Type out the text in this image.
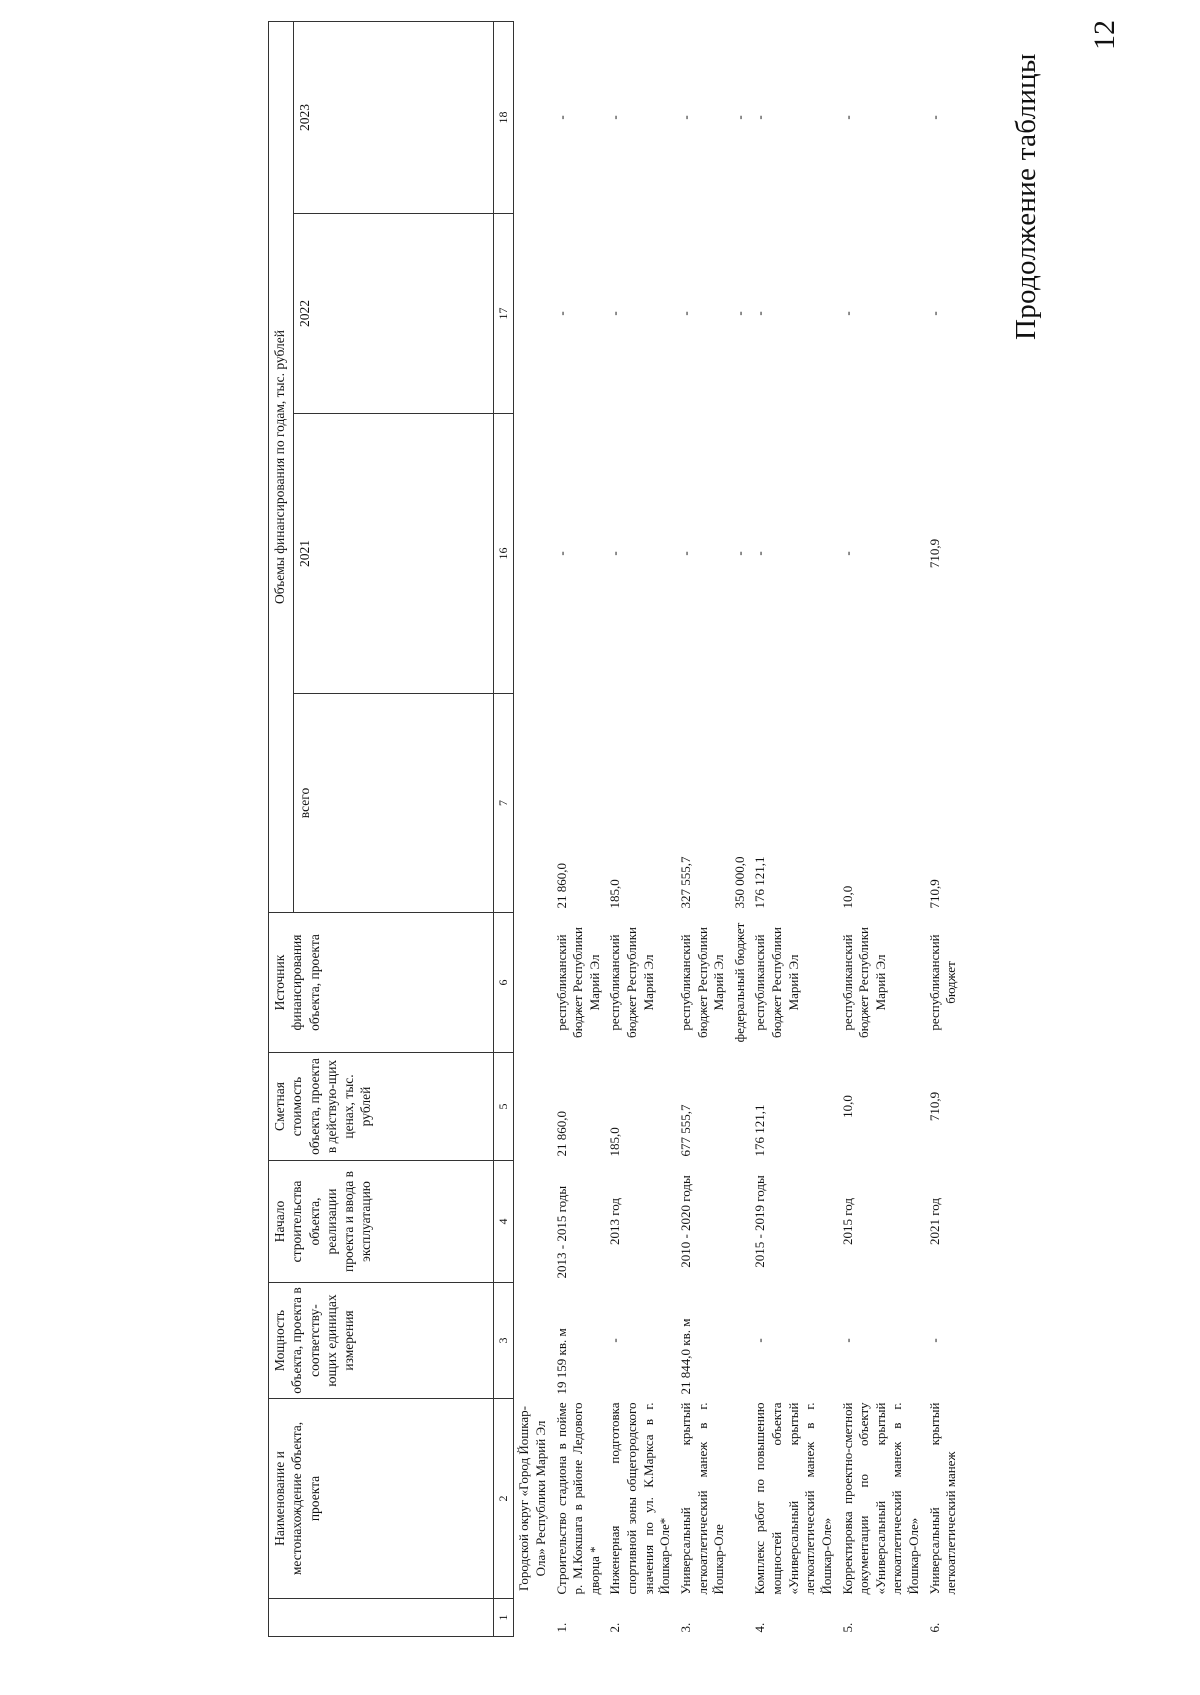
12
Продолжение таблицы
	Наименование и местонахождение объекта, проекта	Мощность объекта, проекта в соответству-ющих единицах измерения	Начало строительства объекта, реализации проекта и ввода в эксплуатацию	Сметная стоимость объекта, проекта в действую-щих ценах, тыс. рублей	Источник финансирования объекта, проекта	Объемы финансирования по годам, тыс. рублей			
						всего	2021	2022	2023
1	2	3	4	5	6	7	16	17	18
	Городской округ «Город Йошкар-Ола» Республики Марий Эл								
1.	Строительство стадиона в пойме р. М.Кокшага в районе Ледового дворца *	19 159 кв. м	2013 - 2015 годы	21 860,0	республиканский бюджет Республики Марий Эл	21 860,0	-	-	-
2.	Инженерная подготовка спортивной зоны общегородского значения по ул. К.Маркса в г. Йошкар-Оле*	-	2013 год	185,0	республиканский бюджет Республики Марий Эл	185,0	-	-	-
3.	Универсальный крытый легкоатлетический манеж в г. Йошкар-Оле	21 844,0 кв. м	2010 - 2020 годы	677 555,7	республиканский бюджет Республики Марий Эл	327 555,7	-	-	-
					федеральный бюджет	350 000,0	-	-	-
4.	Комплекс работ по повышению мощностей объекта «Универсальный крытый легкоатлетический манеж в г. Йошкар-Оле»	-	2015 - 2019 годы	176 121,1	республиканский бюджет Республики Марий Эл	176 121,1	-	-	-
5.	Корректировка проектно-сметной документации по объекту «Универсальный крытый легкоатлетический манеж в г. Йошкар-Оле»	-	2015 год	10,0	республиканский бюджет Республики Марий Эл	10,0	-	-	-
6.	Универсальный крытый легкоатлетический манеж	-	2021 год	710,9	республиканский бюджет	710,9	710,9	-	-
